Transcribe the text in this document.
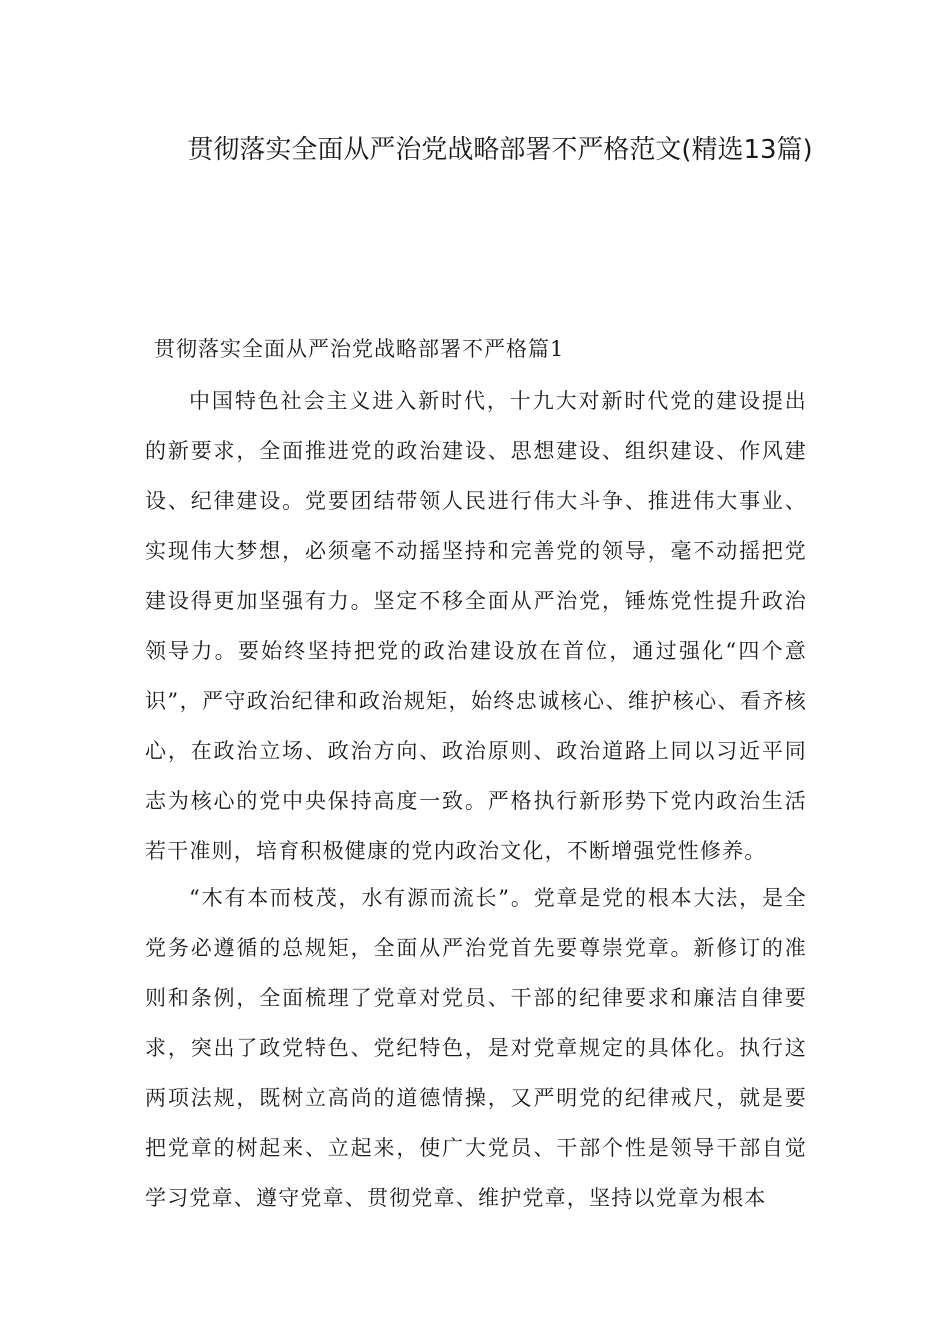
贯彻落实全面从严治党战略部署不严格范文(精选13篇)
贯彻落实全面从严治党战略部署不严格篇1

中国特色社会主义进入新时代，十九大对新时代党的建设提出的新要求，全面推进党的政治建设、思想建设、组织建设、作风建设、纪律建设。党要团结带领人民进行伟大斗争、推进伟大事业、实现伟大梦想，必须毫不动摇坚持和完善党的领导，毫不动摇把党建设得更加坚强有力。坚定不移全面从严治党，锤炼党性提升政治领导力。要始终坚持把党的政治建设放在首位，通过强化“四个意识”，严守政治纪律和政治规矩，始终忠诚核心、维护核心、看齐核心，在政治立场、政治方向、政治原则、政治道路上同以习近平同志为核心的党中央保持高度一致。严格执行新形势下党内政治生活若干准则，培育积极健康的党内政治文化，不断增强党性修养。

“木有本而枝茂，水有源而流长”。党章是党的根本大法，是全党务必遵循的总规矩，全面从严治党首先要尊崇党章。新修订的准则和条例，全面梳理了党章对党员、干部的纪律要求和廉洁自律要求，突出了政党特色、党纪特色，是对党章规定的具体化。执行这两项法规，既树立高尚的道德情操，又严明党的纪律戒尺，就是要把党章的树起来、立起来，使广大党员、干部个性是领导干部自觉学习党章、遵守党章、贯彻党章、维护党章，坚持以党章为根本
